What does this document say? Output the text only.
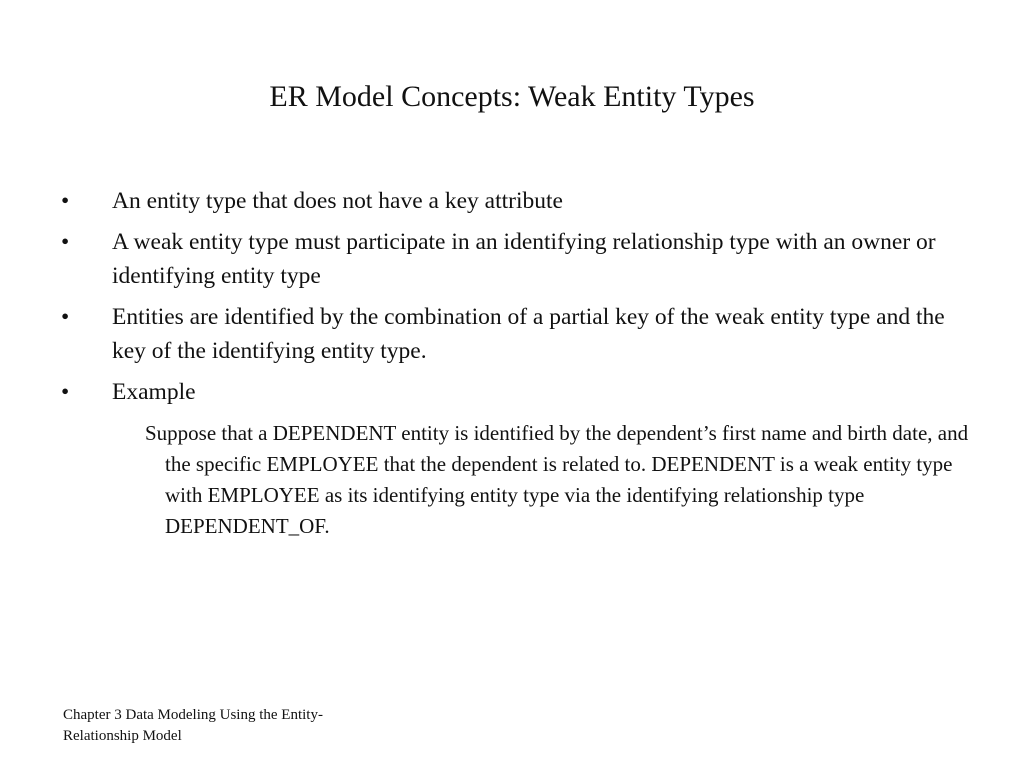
ER Model Concepts: Weak Entity Types
•	An entity type that does not have a key attribute
•	A weak entity type must participate in an identifying relationship type with an owner or identifying entity type
•	Entities are identified by the combination of a partial key of the weak entity type and the key of the identifying entity type.
•	Example

Suppose that a DEPENDENT entity is identified by the dependent’s first name and birth date, and the specific EMPLOYEE that the dependent is related to. DEPENDENT is a weak entity type with EMPLOYEE as its identifying entity type via the identifying relationship type DEPENDENT_OF.

Chapter 3 Data Modeling Using the Entity-Relationship Model
